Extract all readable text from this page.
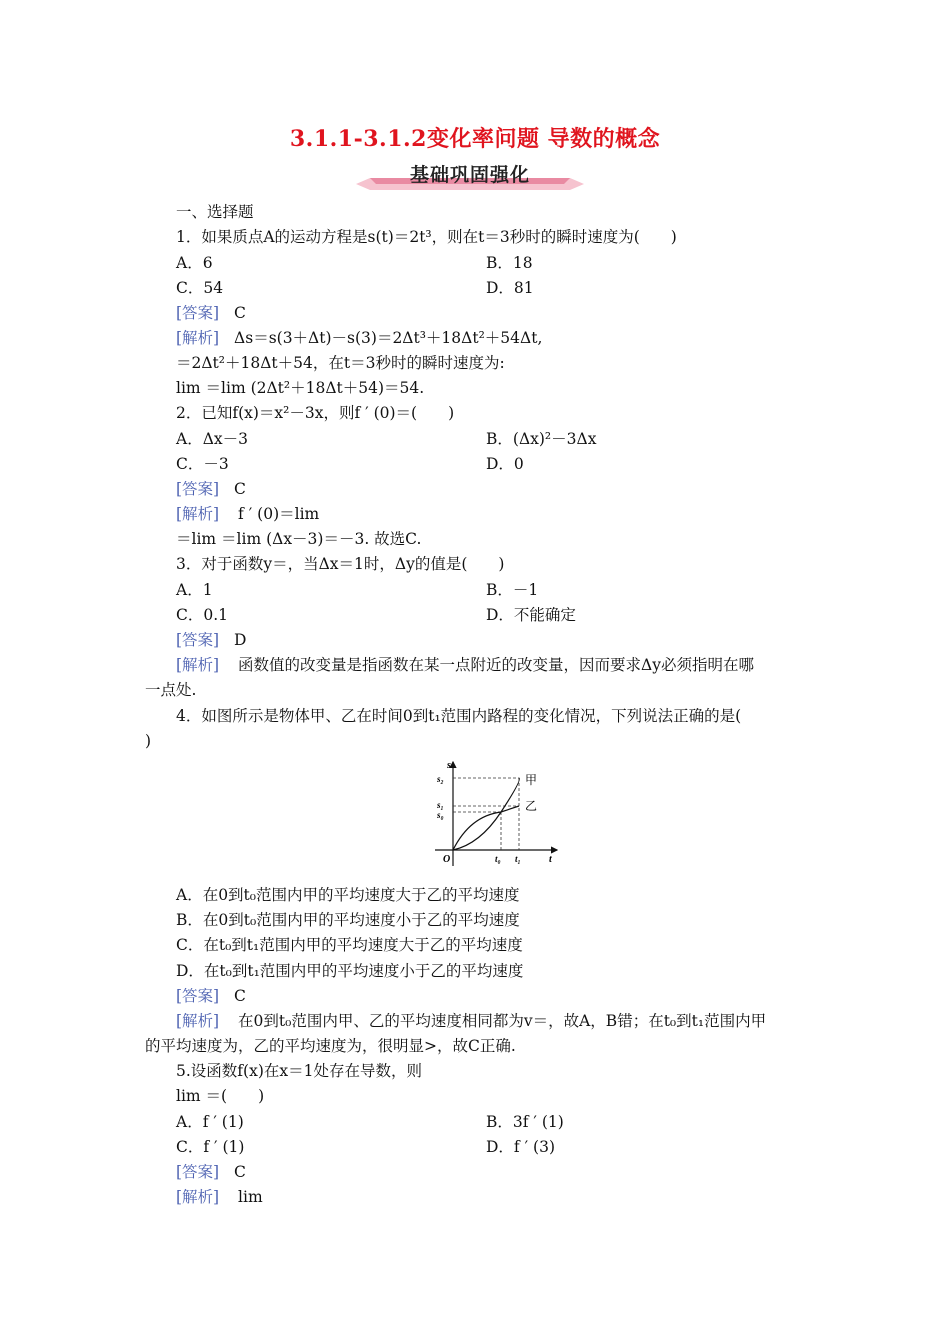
3.1.1-3.1.2变化率问题 导数的概念
基础巩固强化
一、选择题
1．如果质点A的运动方程是s(t)＝2t³，则在t＝3秒时的瞬时速度为(　　)
A．6	B．18
C．54	D．81
[答案] C
[解析] Δs＝s(3＋Δt)－s(3)＝2Δt³＋18Δt²＋54Δt,
＝2Δt²＋18Δt＋54，在t＝3秒时的瞬时速度为:
lim ＝lim (2Δt²＋18Δt＋54)＝54.
2．已知f(x)＝x²－3x，则f ′ (0)＝(　　)
A．Δx－3	B．(Δx)²－3Δx
C．－3	D．0
[答案] C
[解析] f ′ (0)＝lim
＝lim ＝lim (Δx－3)＝－3. 故选C.
3．对于函数y＝，当Δx＝1时，Δy的值是(　　)
A．1	B．－1
C．0.1	D．不能确定
[答案] D
[解析] 函数值的改变量是指函数在某一点附近的改变量，因而要求Δy必须指明在哪
一点处.
4．如图所示是物体甲、乙在时间0到t₁范围内路程的变化情况，下列说法正确的是(
)
s
t
O
s₂
s₁
s₀
t₀ t₁
甲
乙
A．在0到t₀范围内甲的平均速度大于乙的平均速度
B．在0到t₀范围内甲的平均速度小于乙的平均速度
C．在t₀到t₁范围内甲的平均速度大于乙的平均速度
D．在t₀到t₁范围内甲的平均速度小于乙的平均速度
[答案] C
[解析] 在0到t₀范围内甲、乙的平均速度相同都为v＝，故A，B错；在t₀到t₁范围内甲
的平均速度为，乙的平均速度为，很明显>，故C正确.
5.设函数f(x)在x＝1处存在导数，则
lim ＝(　　)
A．f ′ (1)	B．3f ′ (1)
C．f ′ (1)	D．f ′ (3)
[答案] C
[解析] lim
